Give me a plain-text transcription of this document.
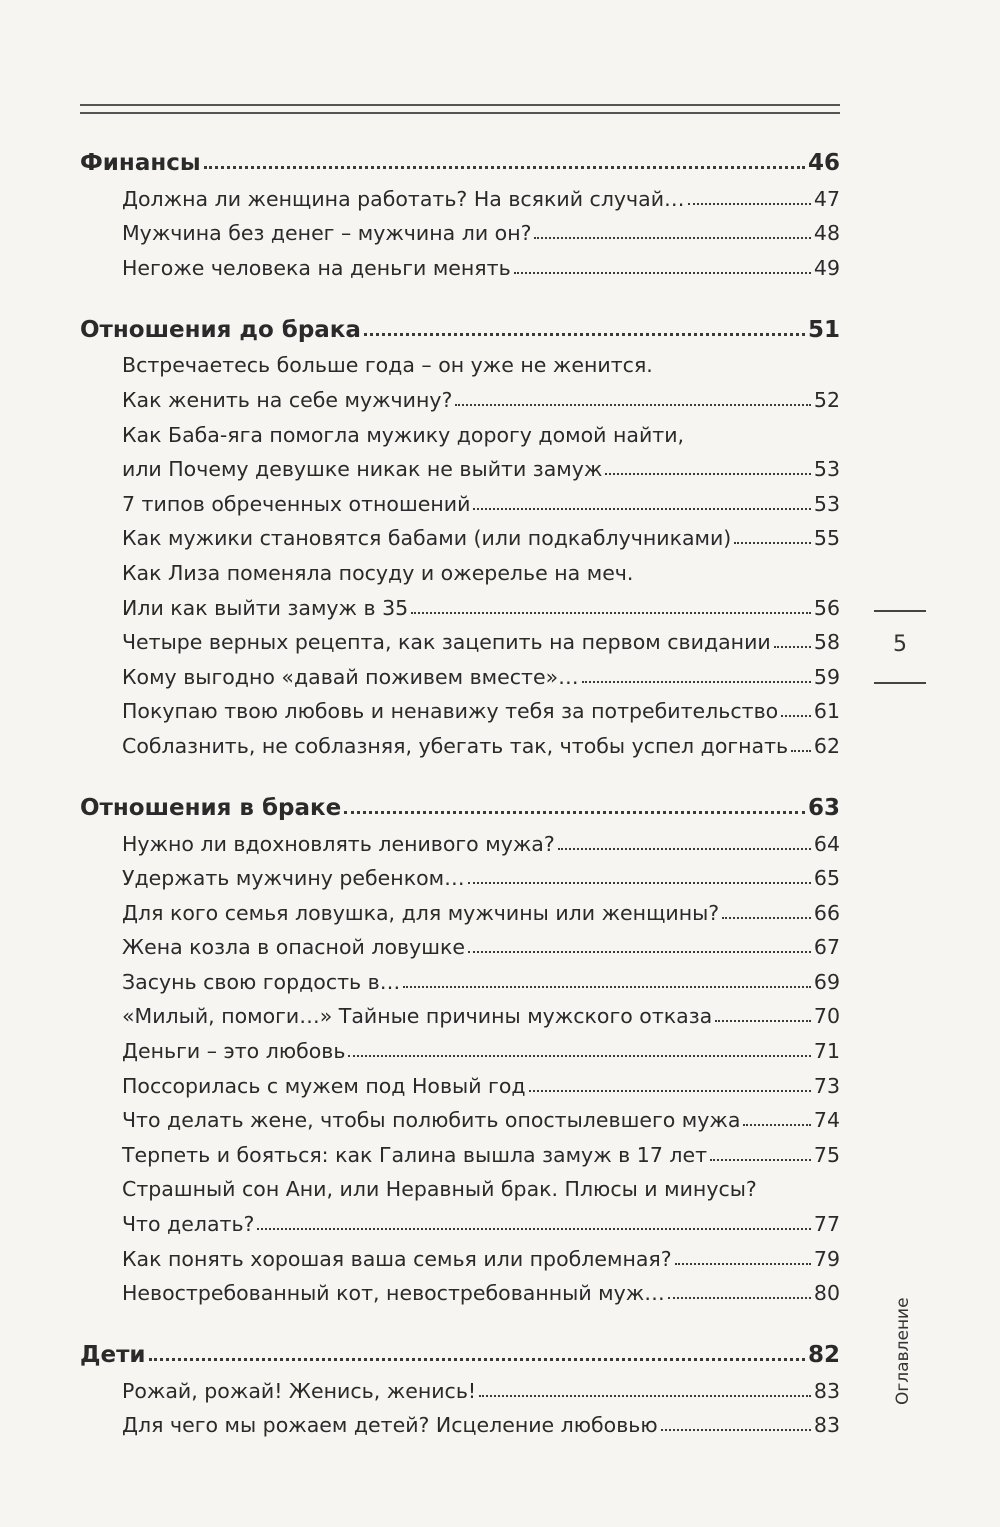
Финансы	46
Должна ли женщина работать? На всякий случай…	47
Мужчина без денег – мужчина ли он?	48
Негоже человека на деньги менять	49
Отношения до брака	51
Встречаетесь больше года – он уже не женится.
Как женить на себе мужчину?	52
Как Баба-яга помогла мужику дорогу домой найти,
или Почему девушке никак не выйти замуж	53
7 типов обреченных отношений	53
Как мужики становятся бабами (или подкаблучниками)	55
Как Лиза поменяла посуду и ожерелье на меч.
Или как выйти замуж в 35	56
Четыре верных рецепта, как зацепить на первом свидании 58
Кому выгодно «давай поживем вместе»…	59
Покупаю твою любовь и ненавижу тебя за потребительство 61
Соблазнить, не соблазняя, убегать так, чтобы успел догнать 62
Отношения в браке	63
Нужно ли вдохновлять ленивого мужа?	64
Удержать мужчину ребенком…	65
Для кого семья ловушка, для мужчины или женщины?	66
Жена козла в опасной ловушке	67
Засунь свою гордость в…	69
«Милый, помоги…» Тайные причины мужского отказа	70
Деньги – это любовь	71
Поссорилась с мужем под Новый год	73
Что делать жене, чтобы полюбить опостылевшего мужа	74
Терпеть и бояться: как Галина вышла замуж в 17 лет	75
Страшный сон Ани, или Неравный брак. Плюсы и минусы?
Что делать?	77
Как понять хорошая ваша семья или проблемная?	79
Невостребованный кот, невостребованный муж…	80
Дети	82
Рожай, рожай! Женись, женись!	83
Для чего мы рожаем детей? Исцеление любовью	83
5
Оглавление
